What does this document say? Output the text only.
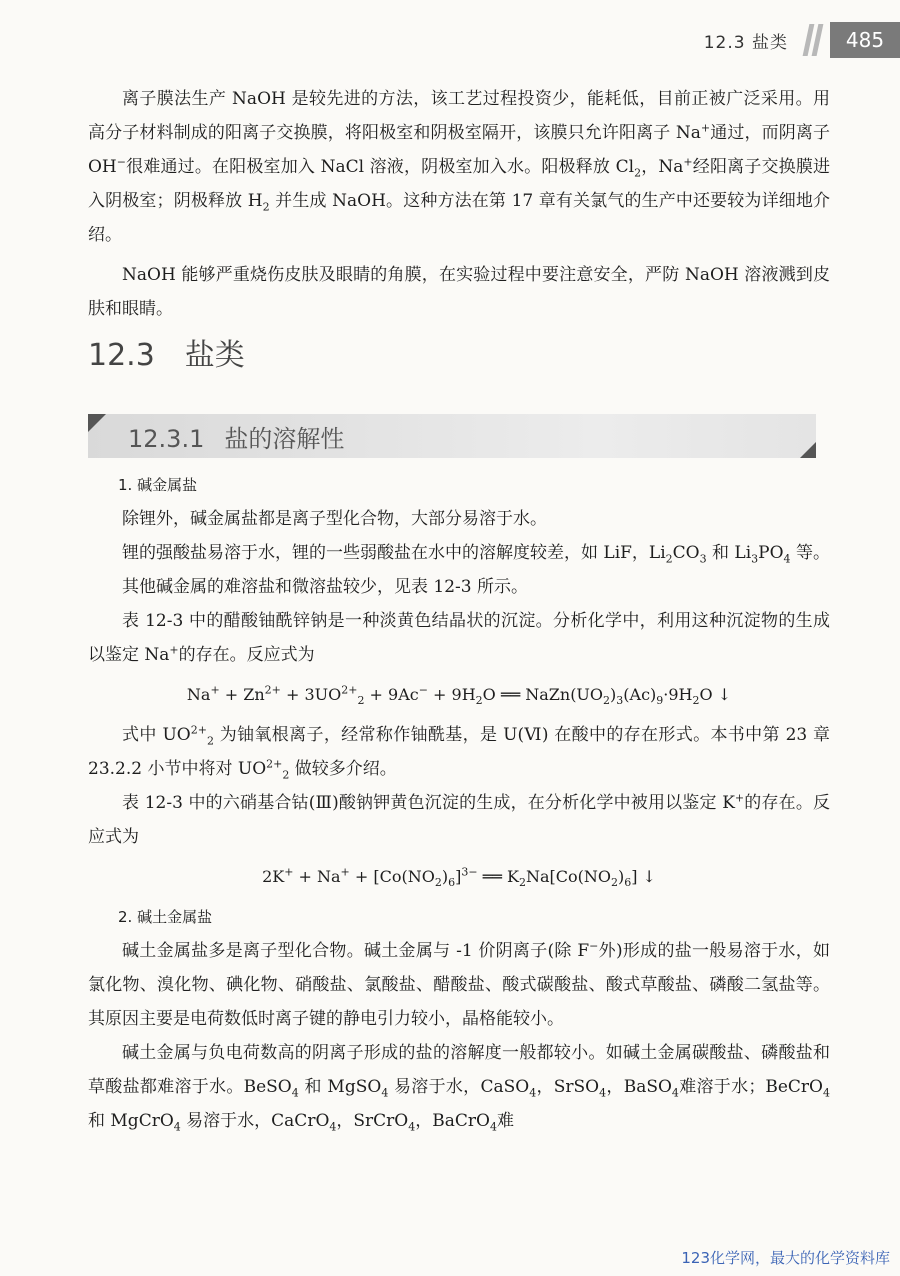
12.3 盐类	485

离子膜法生产 NaOH 是较先进的方法，该工艺过程投资少，能耗低，目前正被广泛采用。用高分子材料制成的阳离子交换膜，将阳极室和阴极室隔开，该膜只允许阳离子 Na+通过，而阴离子 OH−很难通过。在阳极室加入 NaCl 溶液，阴极室加入水。阳极释放 $Cl_2$，Na+经阳离子交换膜进入阴极室；阴极释放 $H_2$ 并生成 NaOH。这种方法在第 17 章有关氯气的生产中还要较为详细地介绍。

NaOH 能够严重烧伤皮肤及眼睛的角膜，在实验过程中要注意安全，严防 NaOH 溶液溅到皮肤和眼睛。

12.3 盐类
12.3.1 盐的溶解性

1. 碱金属盐

除锂外，碱金属盐都是离子型化合物，大部分易溶于水。

锂的强酸盐易溶于水，锂的一些弱酸盐在水中的溶解度较差，如 LiF，$Li_2CO_3$ 和 $Li_3PO_4$ 等。

其他碱金属的难溶盐和微溶盐较少，见表 12-3 所示。

表 12-3 中的醋酸铀酰锌钠是一种淡黄色结晶状的沉淀。分析化学中，利用这种沉淀物的生成以鉴定 Na+的存在。反应式为

$Na^+ + Zn^{2+} + 3UO^{2+}_2 + 9Ac^- + 9H_2O$ ══ $NaZn(UO_2)_3(Ac)_9\cdot 9H_2O$ ↓

式中 $UO^{2+}_2$ 为铀氧根离子，经常称作铀酰基，是 U(Ⅵ) 在酸中的存在形式。本书中第 23 章 23.2.2 小节中将对 $UO^{2+}_2$ 做较多介绍。

表 12-3 中的六硝基合钴(Ⅲ)酸钠钾黄色沉淀的生成，在分析化学中被用以鉴定 K+的存在。反应式为

$2K^+ + Na^+ + [Co(NO_2)_6]^{3-}$ ══ $K_2Na[Co(NO_2)_6]$ ↓

2. 碱土金属盐

碱土金属盐多是离子型化合物。碱土金属与 -1 价阴离子(除 F−外)形成的盐一般易溶于水，如氯化物、溴化物、碘化物、硝酸盐、氯酸盐、醋酸盐、酸式碳酸盐、酸式草酸盐、磷酸二氢盐等。其原因主要是电荷数低时离子键的静电引力较小，晶格能较小。

碱土金属与负电荷数高的阴离子形成的盐的溶解度一般都较小。如碱土金属碳酸盐、磷酸盐和草酸盐都难溶于水。BeSO$_4$ 和 MgSO$_4$ 易溶于水，CaSO$_4$，SrSO$_4$，BaSO$_4$难溶于水；BeCrO$_4$ 和 MgCrO$_4$ 易溶于水，CaCrO$_4$，SrCrO$_4$，BaCrO$_4$难

123化学网，最大的化学资料库
